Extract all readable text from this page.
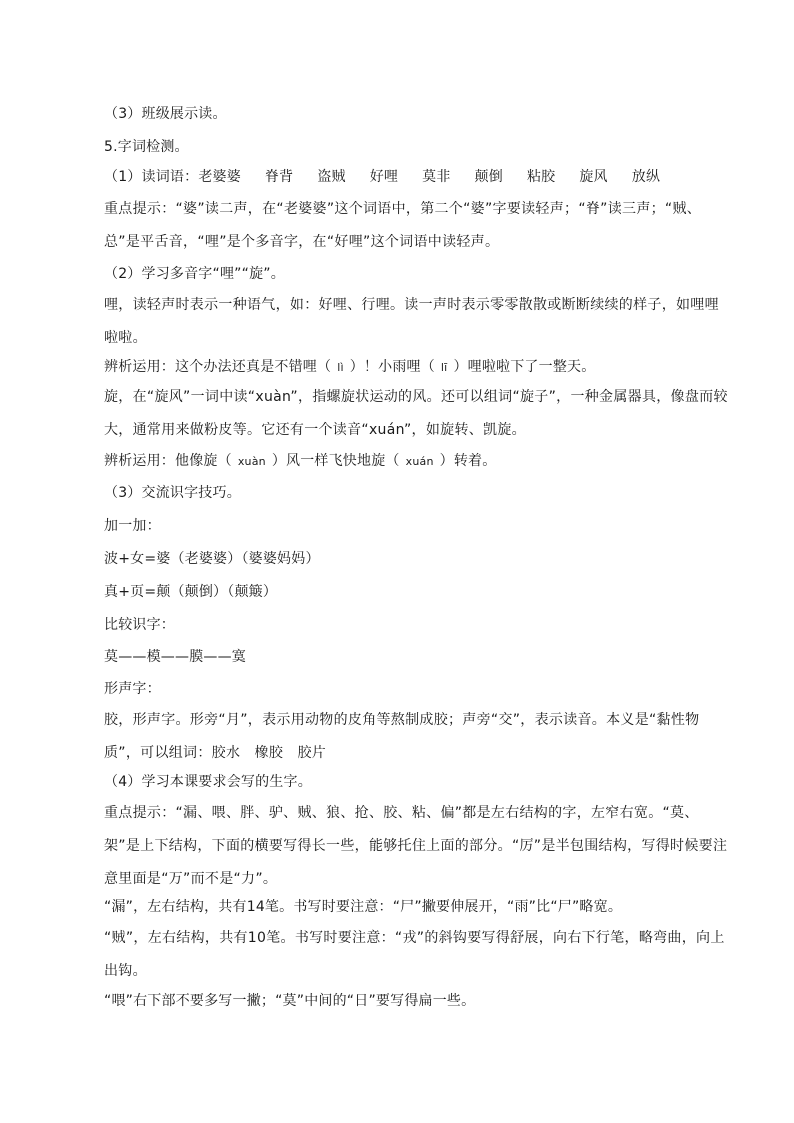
（3）班级展示读。
5.字词检测。
（1）读词语：老婆婆 脊背 盗贼 好哩 莫非 颠倒 粘胶 旋风 放纵
重点提示：“婆”读二声，在“老婆婆”这个词语中，第二个“婆”字要读轻声；“脊”读三声；“贼、总”是平舌音，“哩”是个多音字，在“好哩”这个词语中读轻声。
（2）学习多音字“哩”“旋”。
哩，读轻声时表示一种语气，如：好哩、行哩。读一声时表示零零散散或断断续续的样子，如哩哩啦啦。
辨析运用：这个办法还真是不错哩（ lì ）！小雨哩（ lī ）哩啦啦下了一整天。
旋，在“旋风”一词中读“xuàn”，指螺旋状运动的风。还可以组词“旋子”，一种金属器具，像盘而较大，通常用来做粉皮等。它还有一个读音“xuán”，如旋转、凯旋。
辨析运用：他像旋（ xuàn ）风一样飞快地旋（ xuán ）转着。
（3）交流识字技巧。
加一加：
波+女=婆（老婆婆）（婆婆妈妈）
真+页=颠（颠倒）（颠簸）
比较识字：
莫——模——膜——寞
形声字：
胶，形声字。形旁“月”，表示用动物的皮角等熬制成胶；声旁“交”，表示读音。本义是“黏性物质”，可以组词：胶水　橡胶　胶片
（4）学习本课要求会写的生字。
重点提示：“漏、喂、胖、驴、贼、狼、抢、胶、粘、偏”都是左右结构的字，左窄右宽。“莫、架”是上下结构，下面的横要写得长一些，能够托住上面的部分。“厉”是半包围结构，写得时候要注意里面是“万”而不是“力”。
“漏”，左右结构，共有14笔。书写时要注意：“尸”撇要伸展开，“雨”比“尸”略宽。
“贼”，左右结构，共有10笔。书写时要注意：“戎”的斜钩要写得舒展，向右下行笔，略弯曲，向上出钩。
“喂”右下部不要多写一撇；“莫”中间的“日”要写得扁一些。
